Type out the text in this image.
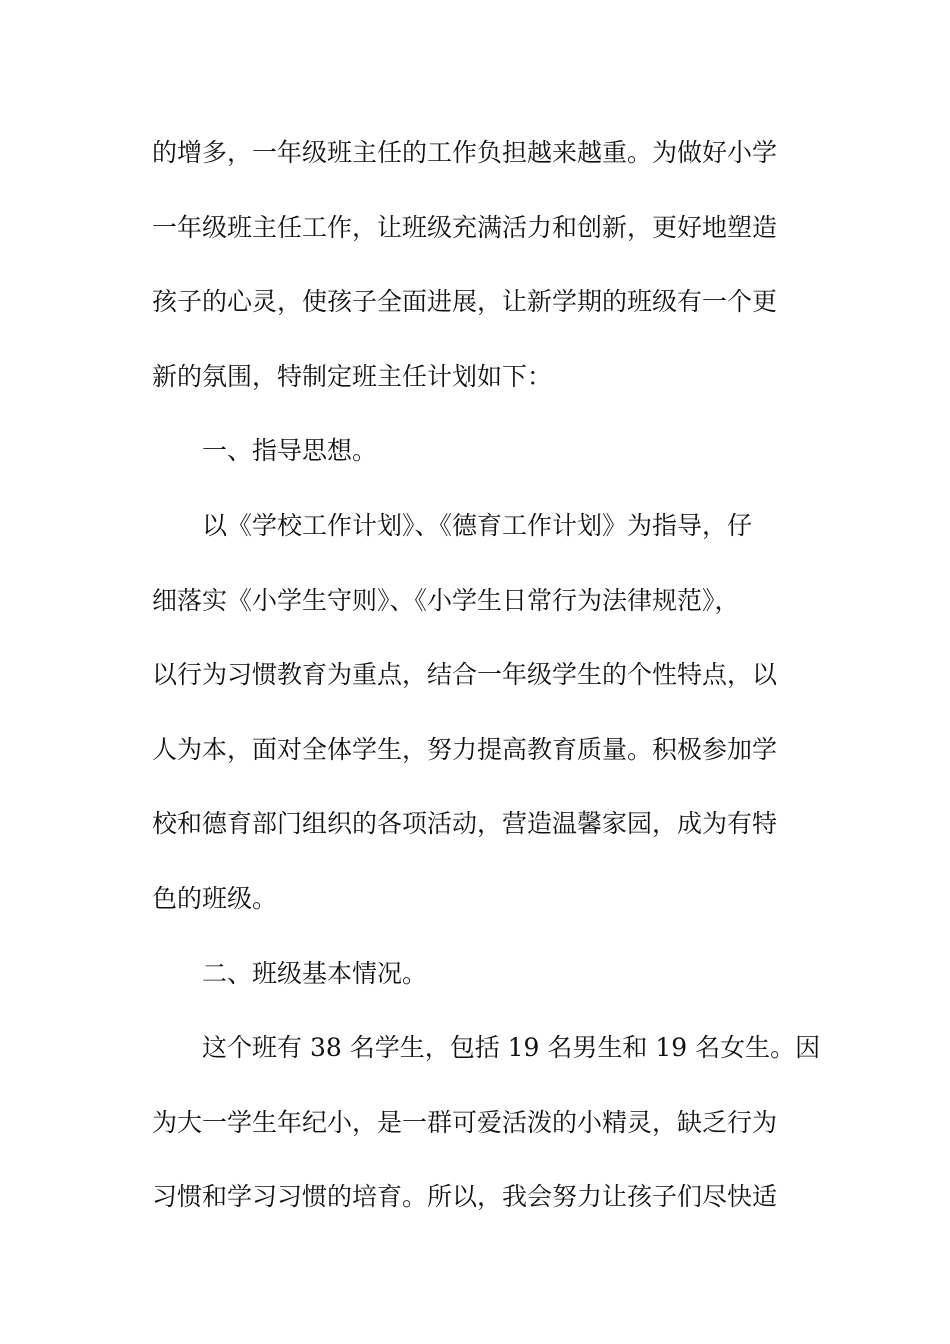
的增多，一年级班主任的工作负担越来越重。为做好小学
一年级班主任工作，让班级充满活力和创新，更好地塑造
孩子的心灵，使孩子全面进展，让新学期的班级有一个更
新的氛围，特制定班主任计划如下：
一、指导思想。
以《学校工作计划》、《德育工作计划》为指导，仔
细落实《小学生守则》、《小学生日常行为法律规范》，
以行为习惯教育为重点，结合一年级学生的个性特点，以
人为本，面对全体学生，努力提高教育质量。积极参加学
校和德育部门组织的各项活动，营造温馨家园，成为有特
色的班级。
二、班级基本情况。
这个班有 38 名学生，包括 19 名男生和 19 名女生。因
为大一学生年纪小，是一群可爱活泼的小精灵，缺乏行为
习惯和学习习惯的培育。所以，我会努力让孩子们尽快适
